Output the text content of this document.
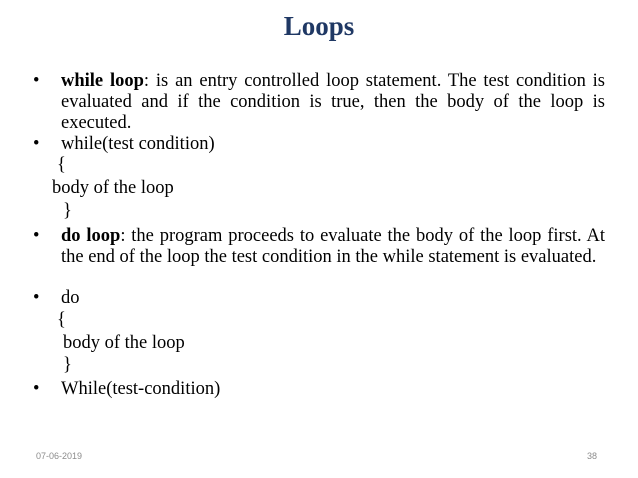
Loops
• while loop: is an entry controlled loop statement. The test condition is evaluated and if the condition is true, then the body of the loop is executed.
• while(test condition)
{
body of the loop
}
• do loop: the program proceeds to evaluate the body of the loop first. At the end of the loop the test condition in the while statement is evaluated.
• do
{
body of the loop
}
• While(test-condition)
07-06-2019	38
